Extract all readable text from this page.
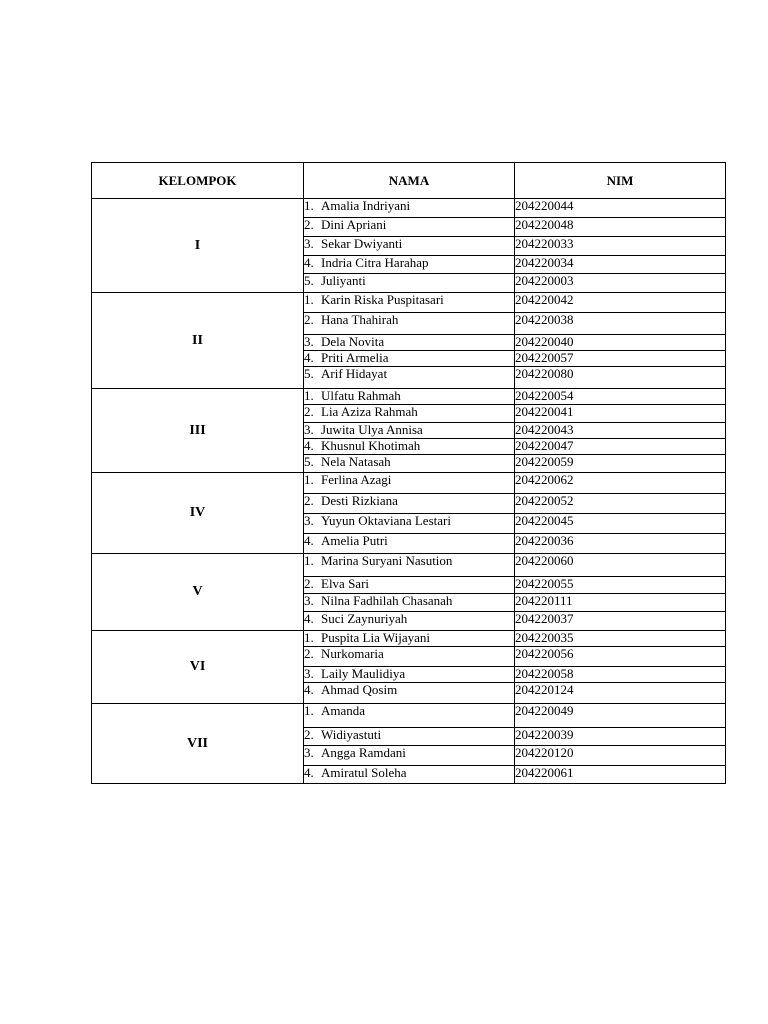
KELOMPOK	NAMA	NIM
I	1. Amalia Indriyani	204220044
	2. Dini Apriani	204220048
	3. Sekar Dwiyanti	204220033
	4. Indria Citra Harahap	204220034
	5. Juliyanti	204220003
II	1. Karin Riska Puspitasari	204220042
	2. Hana Thahirah	204220038
	3. Dela Novita	204220040
	4. Priti Armelia	204220057
	5. Arif Hidayat	204220080
III	1. Ulfatu Rahmah	204220054
	2. Lia Aziza Rahmah	204220041
	3. Juwita Ulya Annisa	204220043
	4. Khusnul Khotimah	204220047
	5. Nela Natasah	204220059
IV	1. Ferlina Azagi	204220062
	2. Desti Rizkiana	204220052
	3. Yuyun Oktaviana Lestari	204220045
	4. Amelia Putri	204220036
V	1. Marina Suryani Nasution	204220060
	2. Elva Sari	204220055
	3. Nilna Fadhilah Chasanah	204220111
	4. Suci Zaynuriyah	204220037
VI	1. Puspita Lia Wijayani	204220035
	2. Nurkomaria	204220056
	3. Laily Maulidiya	204220058
	4. Ahmad Qosim	204220124
VII	1. Amanda	204220049
	2. Widiyastuti	204220039
	3. Angga Ramdani	204220120
	4. Amiratul Soleha	204220061
